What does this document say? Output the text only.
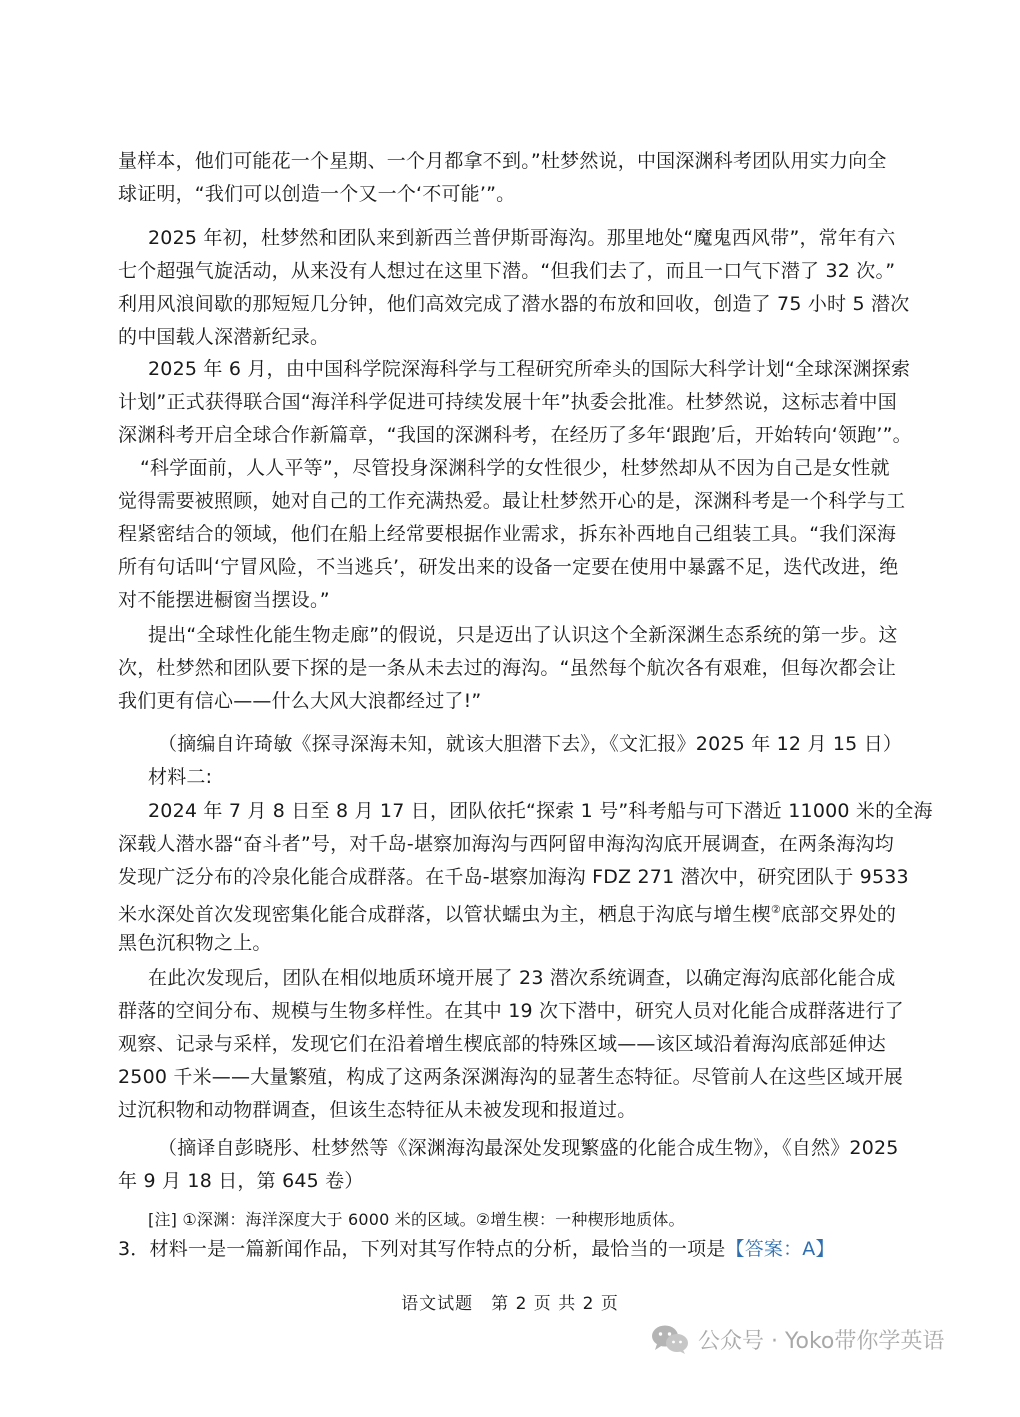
量样本，他们可能花一个星期、一个月都拿不到。”杜梦然说，中国深渊科考团队用实力向全
球证明，“我们可以创造一个又一个‘不可能’”。
2025 年初，杜梦然和团队来到新西兰普伊斯哥海沟。那里地处“魔鬼西风带”，常年有六
七个超强气旋活动，从来没有人想过在这里下潜。“但我们去了，而且一口气下潜了 32 次。”
利用风浪间歇的那短短几分钟，他们高效完成了潜水器的布放和回收，创造了 75 小时 5 潜次
的中国载人深潜新纪录。
2025 年 6 月，由中国科学院深海科学与工程研究所牵头的国际大科学计划“全球深渊探索
计划”正式获得联合国“海洋科学促进可持续发展十年”执委会批准。杜梦然说，这标志着中国
深渊科考开启全球合作新篇章，“我国的深渊科考，在经历了多年‘跟跑’后，开始转向‘领跑’”。
“科学面前，人人平等”，尽管投身深渊科学的女性很少，杜梦然却从不因为自己是女性就
觉得需要被照顾，她对自己的工作充满热爱。最让杜梦然开心的是，深渊科考是一个科学与工
程紧密结合的领域，他们在船上经常要根据作业需求，拆东补西地自己组装工具。“我们深海
所有句话叫‘宁冒风险，不当逃兵’，研发出来的设备一定要在使用中暴露不足，迭代改进，绝
对不能摆进橱窗当摆设。”
提出“全球性化能生物走廊”的假说，只是迈出了认识这个全新深渊生态系统的第一步。这
次，杜梦然和团队要下探的是一条从未去过的海沟。“虽然每个航次各有艰难，但每次都会让
我们更有信心——什么大风大浪都经过了!”
（摘编自许琦敏《探寻深海未知，就该大胆潜下去》，《文汇报》2025 年 12 月 15 日）
材料二:
2024 年 7 月 8 日至 8 月 17 日，团队依托“探索 1 号”科考船与可下潜近 11000 米的全海
深载人潜水器“奋斗者”号，对千岛-堪察加海沟与西阿留申海沟沟底开展调查，在两条海沟均
发现广泛分布的冷泉化能合成群落。在千岛-堪察加海沟 FDZ 271 潜次中，研究团队于 9533
米水深处首次发现密集化能合成群落，以管状蠕虫为主，栖息于沟底与增生楔②底部交界处的
黑色沉积物之上。
在此次发现后，团队在相似地质环境开展了 23 潜次系统调查，以确定海沟底部化能合成
群落的空间分布、规模与生物多样性。在其中 19 次下潜中，研究人员对化能合成群落进行了
观察、记录与采样，发现它们在沿着增生楔底部的特殊区域——该区域沿着海沟底部延伸达
2500 千米——大量繁殖，构成了这两条深渊海沟的显著生态特征。尽管前人在这些区域开展
过沉积物和动物群调查，但该生态特征从未被发现和报道过。
（摘译自彭晓彤、杜梦然等《深渊海沟最深处发现繁盛的化能合成生物》，《自然》2025
年 9 月 18 日，第 645 卷）
[注] ①深渊：海洋深度大于 6000 米的区域。②增生楔：一种楔形地质体。
3．材料一是一篇新闻作品，下列对其写作特点的分析，最恰当的一项是【答案：A】
语文试题　第 2 页 共 2 页
公众号 · Yoko带你学英语
